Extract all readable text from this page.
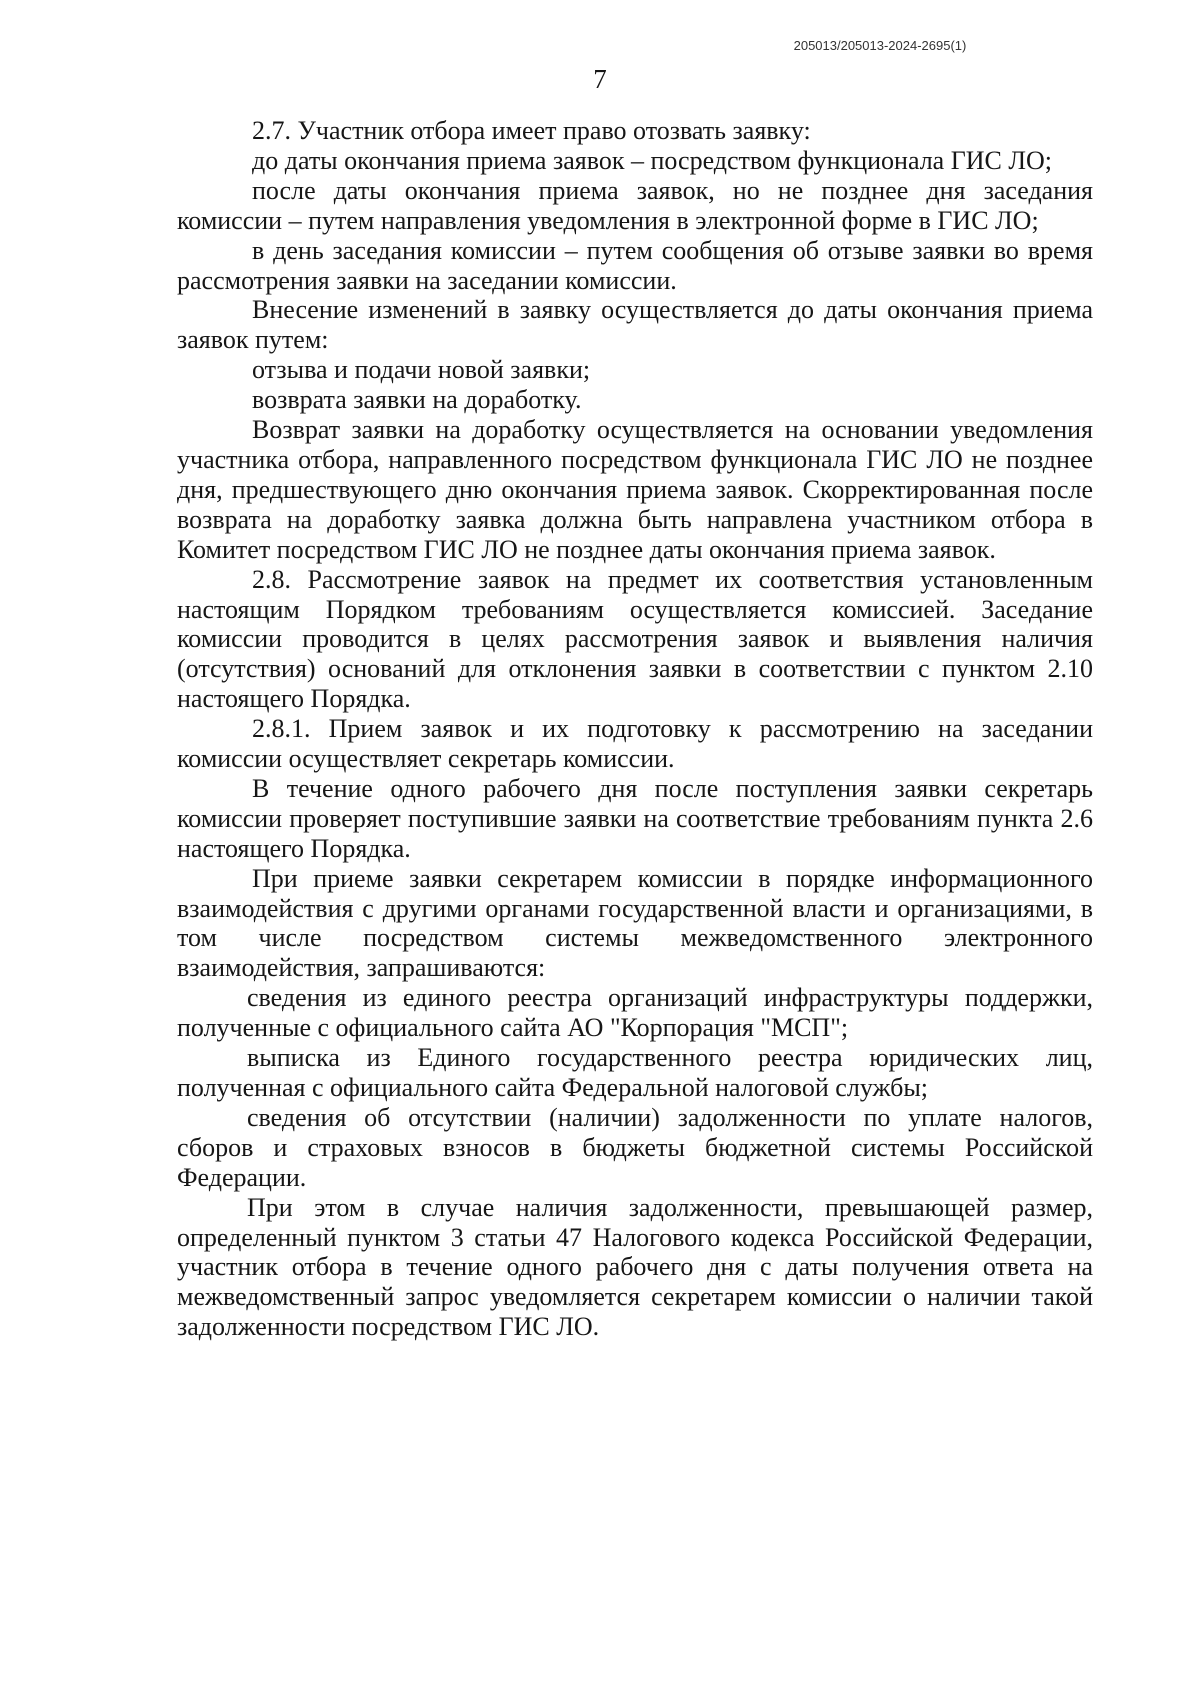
205013/205013-2024-2695(1)
7

2.7. Участник отбора имеет право отозвать заявку:

до даты окончания приема заявок – посредством функционала ГИС ЛО;

после даты окончания приема заявок, но не позднее дня заседания комиссии – путем направления уведомления в электронной форме в ГИС ЛО;

в день заседания комиссии – путем сообщения об отзыве заявки во время рассмотрения заявки на заседании комиссии.

Внесение изменений в заявку осуществляется до даты окончания приема заявок путем:

отзыва и подачи новой заявки;

возврата заявки на доработку.

Возврат заявки на доработку осуществляется на основании уведомления участника отбора, направленного посредством функционала ГИС ЛО не позднее дня, предшествующего дню окончания приема заявок. Скорректированная после возврата на доработку заявка должна быть направлена участником отбора в Комитет посредством ГИС ЛО не позднее даты окончания приема заявок.

2.8. Рассмотрение заявок на предмет их соответствия установленным настоящим Порядком требованиям осуществляется комиссией. Заседание комиссии проводится в целях рассмотрения заявок и выявления наличия (отсутствия) оснований для отклонения заявки в соответствии с пунктом 2.10 настоящего Порядка.

2.8.1. Прием заявок и их подготовку к рассмотрению на заседании комиссии осуществляет секретарь комиссии.

В течение одного рабочего дня после поступления заявки секретарь комиссии проверяет поступившие заявки на соответствие требованиям пункта 2.6 настоящего Порядка.

При приеме заявки секретарем комиссии в порядке информационного взаимодействия с другими органами государственной власти и организациями, в том числе посредством системы межведомственного электронного взаимодействия, запрашиваются:

сведения из единого реестра организаций инфраструктуры поддержки, полученные с официального сайта АО "Корпорация "МСП";

выписка из Единого государственного реестра юридических лиц, полученная с официального сайта Федеральной налоговой службы;

сведения об отсутствии (наличии) задолженности по уплате налогов, сборов и страховых взносов в бюджеты бюджетной системы Российской Федерации.

При этом в случае наличия задолженности, превышающей размер, определенный пунктом 3 статьи 47 Налогового кодекса Российской Федерации, участник отбора в течение одного рабочего дня с даты получения ответа на межведомственный запрос уведомляется секретарем комиссии о наличии такой задолженности посредством ГИС ЛО.
